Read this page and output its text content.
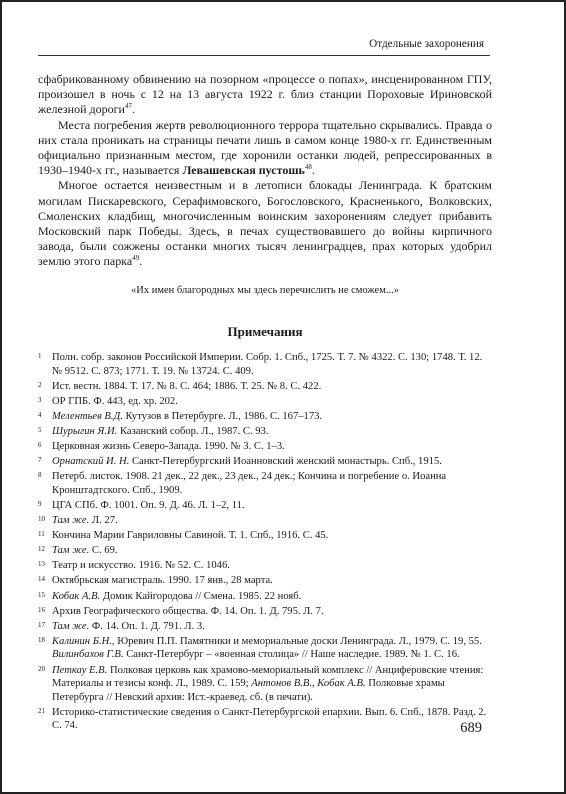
Отдельные захоронения

сфабрикованному обвинению на позорном «процессе о попах», инсценированном ГПУ, произошел в ночь с 12 на 13 августа 1922 г. близ станции Пороховые Ириновской железной дороги$^{47}$.

Места погребения жертв революционного террора тщательно скрывались. Правда о них стала проникать на страницы печати лишь в самом конце 1980-х гг. Единственным официально признанным местом, где хоронили останки людей, репрессированных в 1930–1940-х гг., называется Левашевская пустошь$^{48}$.

Многое остается неизвестным и в летописи блокады Ленинграда. К братским могилам Пискаревского, Серафимовского, Богословского, Красненького, Волковских, Смоленских кладбищ, многочисленным воинским захоронениям следует прибавить Московский парк Победы. Здесь, в печах существовавшего до войны кирпичного завода, были сожжены останки многих тысяч ленинградцев, прах которых удобрил землю этого парка$^{49}$.

«Их имен благородных мы здесь перечислить не сможем...»
Примечания
1 Полн. собр. законов Российской Империи. Собр. 1. Спб., 1725. Т. 7. № 4322. С. 130; 1748. Т. 12. № 9512. С. 873; 1771. Т. 19. № 13724. С. 409.
2 Ист. вестн. 1884. Т. 17. № 8. С. 464; 1886. Т. 25. № 8. С. 422.
3 ОР ГПБ. Ф. 443, ед. хр. 202.
4 Мелентьев В.Д. Кутузов в Петербурге. Л., 1986. С. 167–173.
5 Шурыгин Я.И. Казанский собор. Л., 1987. С. 93.
6 Церковная жизнь Северо-Запада. 1990. № 3. С. 1–3.
7 Орнатский И. Н. Санкт-Петербургский Иоанновский женский монастырь. Спб., 1915.
8 Петерб. листок. 1908. 21 дек., 22 дек., 23 дек., 24 дек.; Кончина и погребение о. Иоанна Кронштадтского. Спб., 1909.
9 ЦГА СПб. Ф. 1001. Оп. 9. Д. 46. Л. 1–2, 11.
10 Там же. Л. 27.
11 Кончина Марии Гавриловны Савиной. Т. 1. Спб., 1916. С. 45.
12 Там же. С. 69.
13 Театр и искусство. 1916. № 52. С. 1046.
14 Октябрьская магистраль. 1990. 17 янв., 28 марта.
15 Кобак А.В. Домик Кайгородова // Смена. 1985. 22 нояб.
16 Архив Географического общества. Ф. 14. Оп. 1. Д. 795. Л. 7.
17 Там же. Ф. 14. Оп. 1. Д. 791. Л. 3.
18 Калинин Б.Н., Юревич П.П. Памятники и мемориальные доски Ленинграда. Л., 1979. С. 19, 55. Вилинбахов Г.В. Санкт-Петербург – «военная столица» // Наше наследие. 1989. № 1. С. 16.
20 Петкау Е.В. Полковая церковь как храмово-мемориальный комплекс // Анциферовские чтения: Материалы и тезисы конф. Л., 1989. С. 159; Антонов В.В., Кобак А.В. Полковые храмы Петербурга // Невский архив: Ист.-краевед. сб. (в печати).
21 Историко-статистические сведения о Санкт-Петербургской епархии. Вып. 6. Спб., 1878. Разд. 2. С. 74.	689
